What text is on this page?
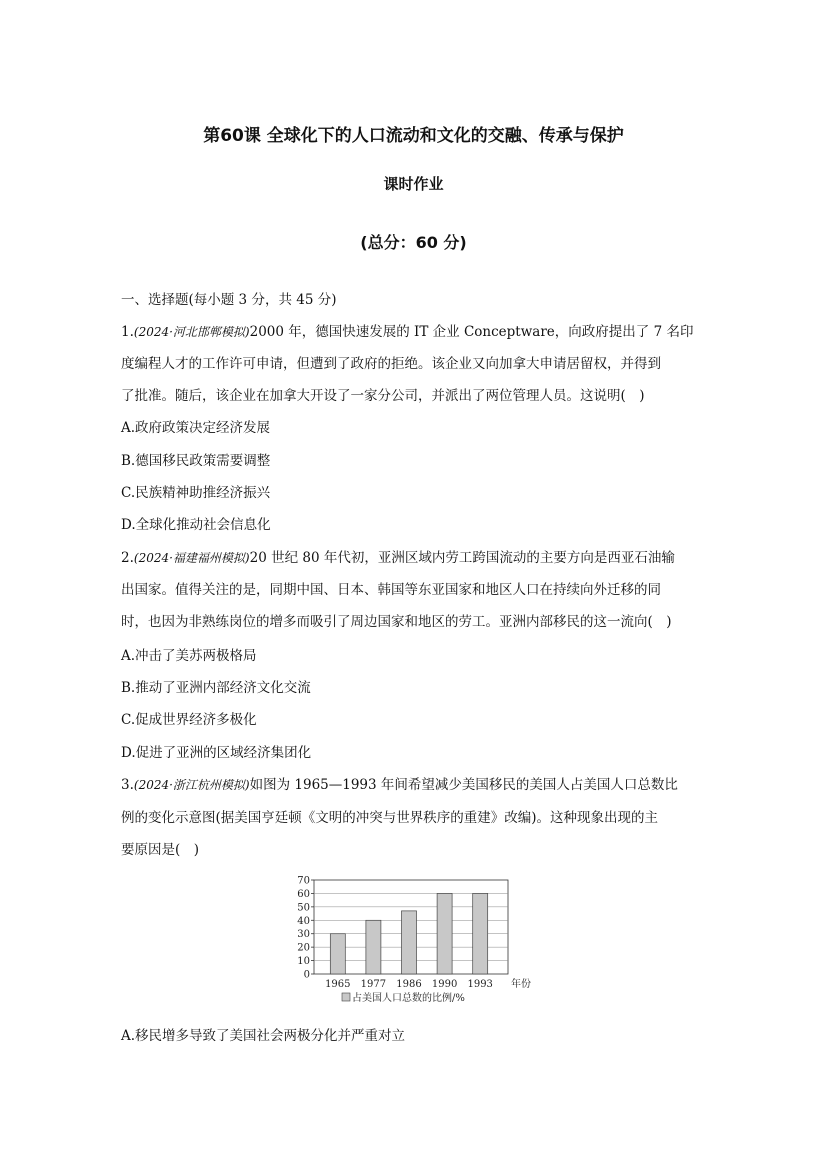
第60课 全球化下的人口流动和文化的交融、传承与保护
课时作业
(总分：60 分)
一、选择题(每小题 3 分，共 45 分)
1.(2024·河北邯郸模拟)2000 年，德国快速发展的 IT 企业 Conceptware，向政府提出了 7 名印
度编程人才的工作许可申请，但遭到了政府的拒绝。该企业又向加拿大申请居留权，并得到
了批准。随后，该企业在加拿大开设了一家分公司，并派出了两位管理人员。这说明(　)
A.政府政策决定经济发展
B.德国移民政策需要调整
C.民族精神助推经济振兴
D.全球化推动社会信息化
2.(2024·福建福州模拟)20 世纪 80 年代初，亚洲区域内劳工跨国流动的主要方向是西亚石油输
出国家。值得关注的是，同期中国、日本、韩国等东亚国家和地区人口在持续向外迁移的同
时，也因为非熟练岗位的增多而吸引了周边国家和地区的劳工。亚洲内部移民的这一流向(　)
A.冲击了美苏两极格局
B.推动了亚洲内部经济文化交流
C.促成世界经济多极化
D.促进了亚洲的区域经济集团化
3.(2024·浙江杭州模拟)如图为 1965—1993 年间希望减少美国移民的美国人占美国人口总数比
例的变化示意图(据美国亨廷顿《文明的冲突与世界秩序的重建》改编)。这种现象出现的主
要原因是(　)
0
10
20
30
40
50
60
70
1965 1977 1986 1990 1993 年份
占美国人口总数的比例/%
A.移民增多导致了美国社会两极分化并严重对立
